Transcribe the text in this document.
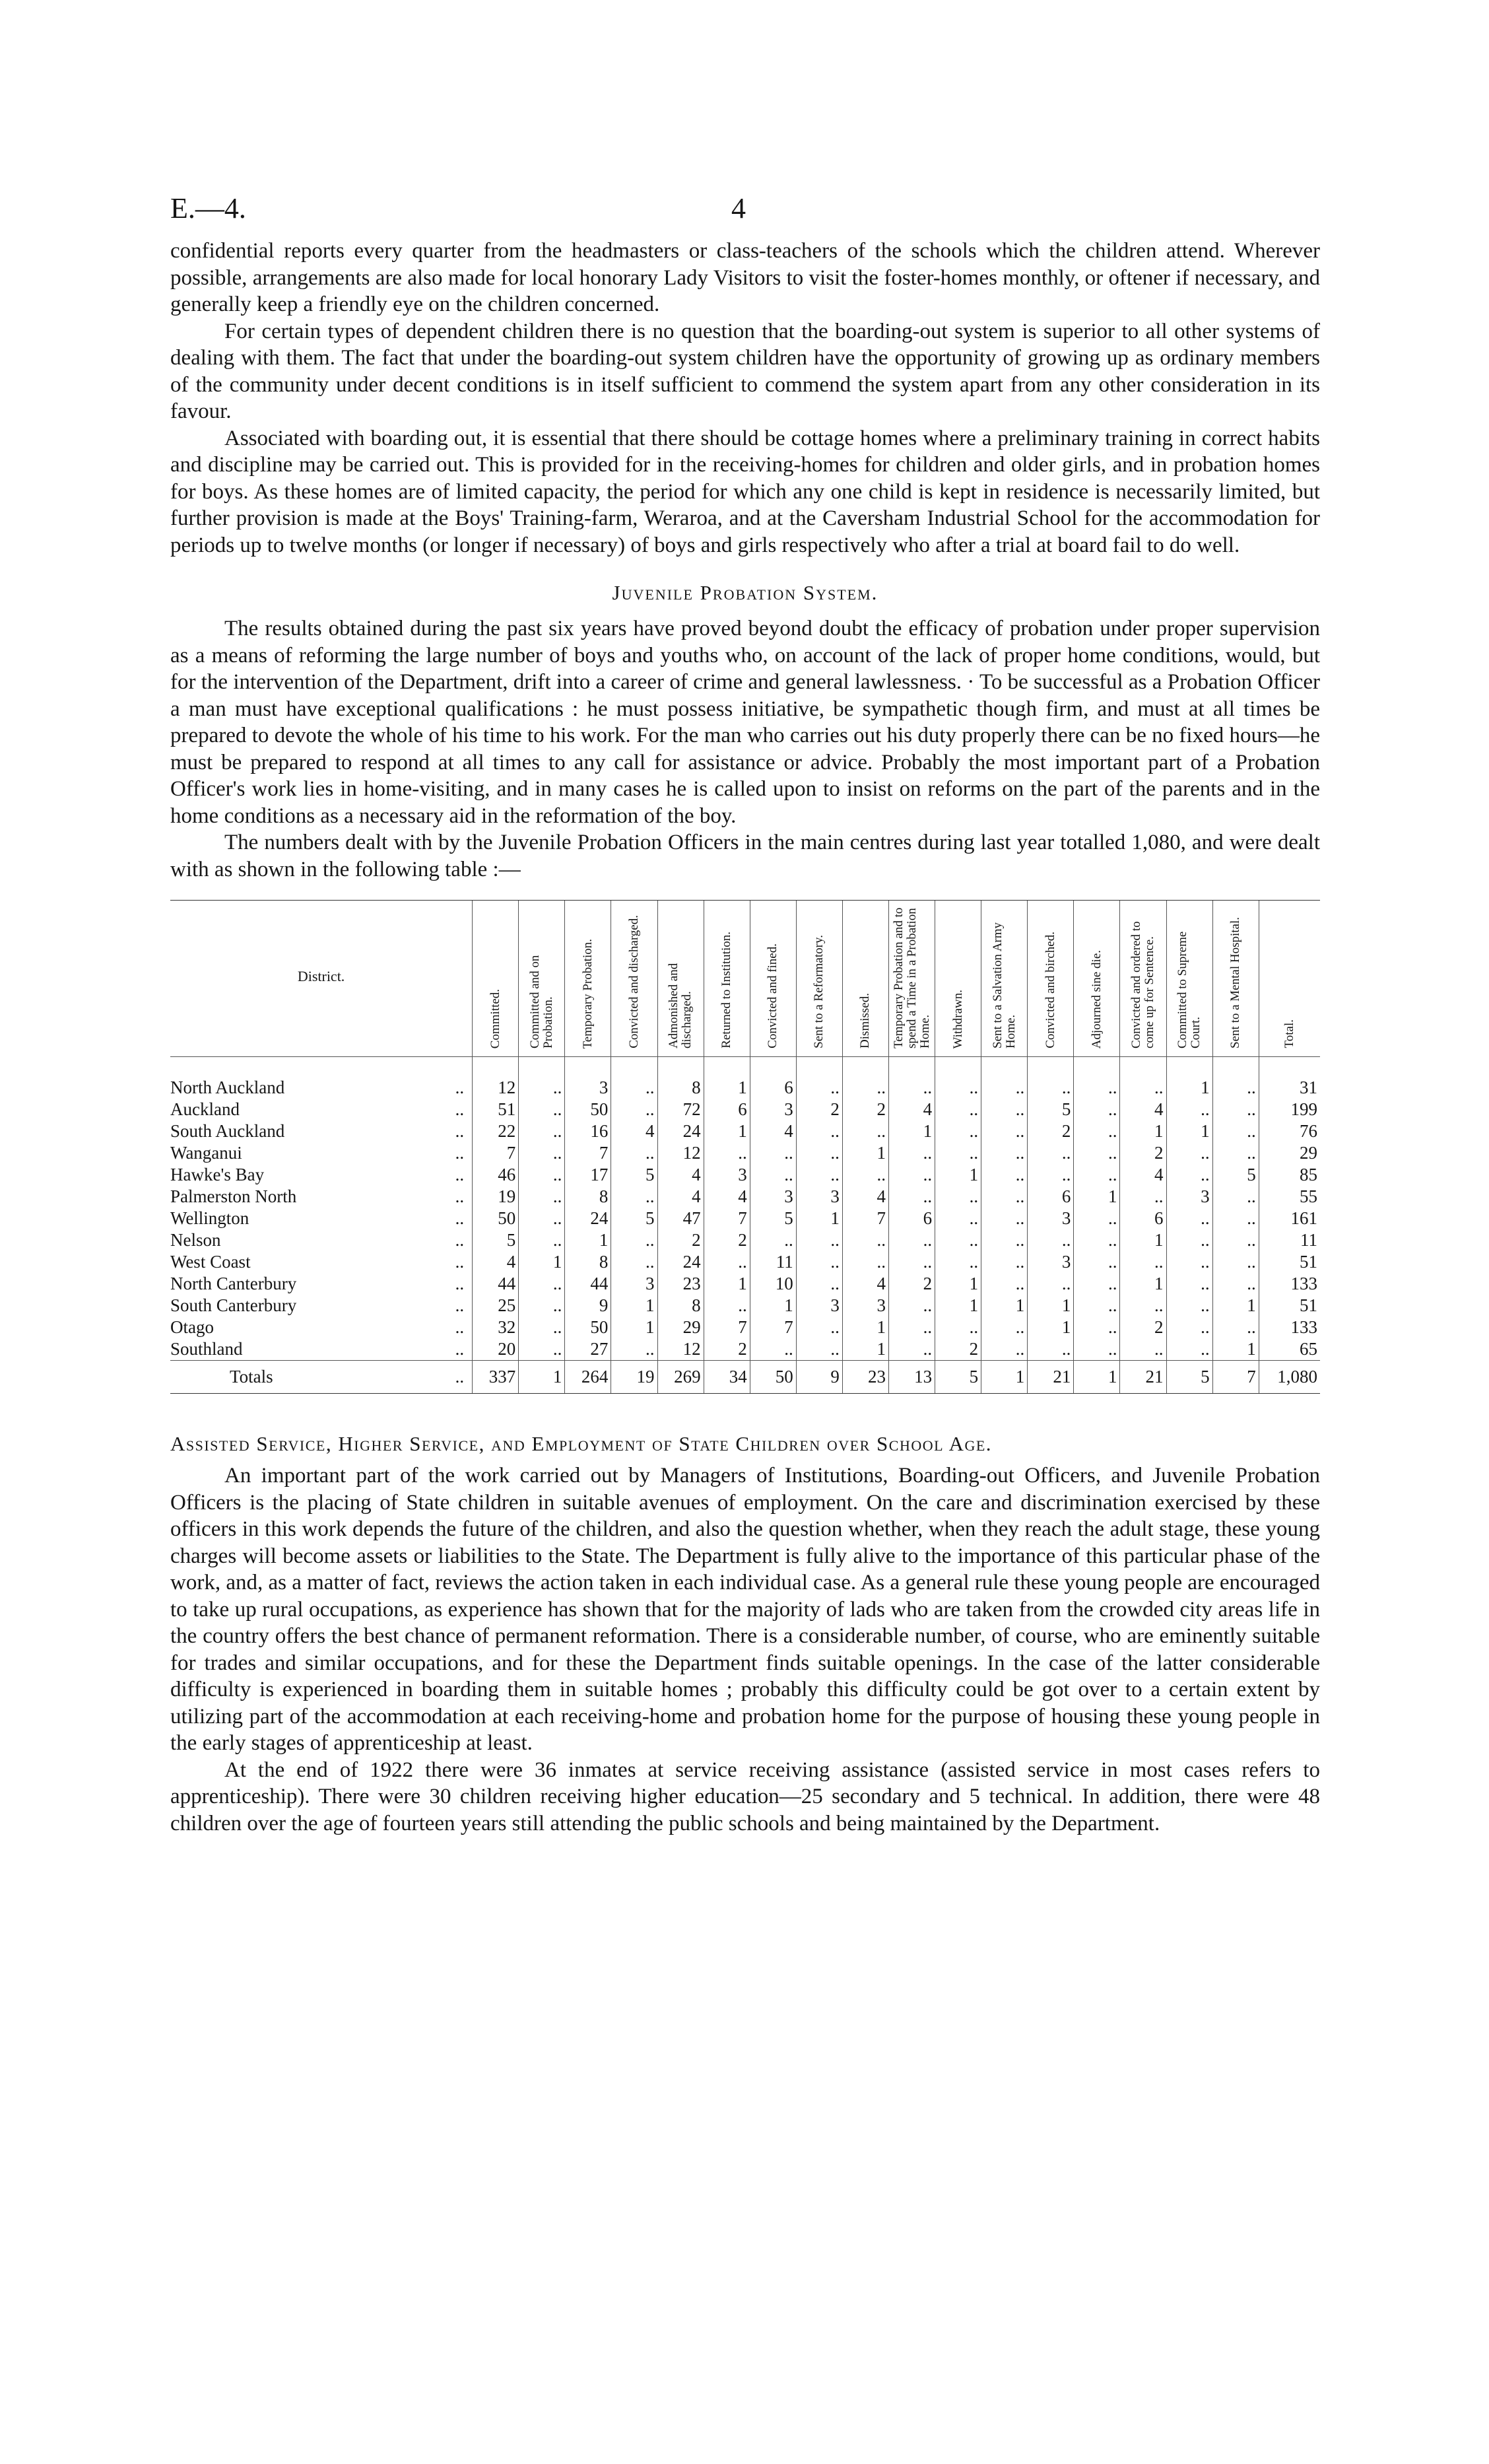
E.—4.	4

confidential reports every quarter from the headmasters or class-teachers of the schools which the children attend. Wherever possible, arrangements are also made for local honorary Lady Visitors to visit the foster-homes monthly, or oftener if necessary, and generally keep a friendly eye on the children concerned.

For certain types of dependent children there is no question that the boarding-out system is superior to all other systems of dealing with them. The fact that under the boarding-out system children have the opportunity of growing up as ordinary members of the community under decent conditions is in itself sufficient to commend the system apart from any other consideration in its favour.

Associated with boarding out, it is essential that there should be cottage homes where a preliminary training in correct habits and discipline may be carried out. This is provided for in the receiving-homes for children and older girls, and in probation homes for boys. As these homes are of limited capacity, the period for which any one child is kept in residence is necessarily limited, but further provision is made at the Boys' Training-farm, Weraroa, and at the Caversham Industrial School for the accommodation for periods up to twelve months (or longer if necessary) of boys and girls respectively who after a trial at board fail to do well.

Juvenile Probation System.

The results obtained during the past six years have proved beyond doubt the efficacy of probation under proper supervision as a means of reforming the large number of boys and youths who, on account of the lack of proper home conditions, would, but for the intervention of the Department, drift into a career of crime and general lawlessness. · To be successful as a Probation Officer a man must have exceptional qualifications : he must possess initiative, be sympathetic though firm, and must at all times be prepared to devote the whole of his time to his work. For the man who carries out his duty properly there can be no fixed hours—he must be prepared to respond at all times to any call for assistance or advice. Probably the most important part of a Probation Officer's work lies in home-visiting, and in many cases he is called upon to insist on reforms on the part of the parents and in the home conditions as a necessary aid in the reformation of the boy.

The numbers dealt with by the Juvenile Probation Officers in the main centres during last year totalled 1,080, and were dealt with as shown in the following table :—

District.	Committed.	Committed and on Probation.	Temporary Probation.	Convicted and discharged.	Admonished and discharged.	Returned to Institution.	Convicted and fined.	Sent to a Reformatory.	Dismissed.	Temporary Probation and to spend a Time in a Probation Home.	Withdrawn.	Sent to a Salvation Army Home.	Convicted and birched.	Adjourned sine die.	Convicted and ordered to come up for Sentence.	Committed to Supreme Court.	Sent to a Mental Hospital.	Total.
North Auckland ..	12	..	3	..	8	1	6	..	..	..	..	..	..	..	..	1	..	31
Auckland ..	51	..	50	..	72	6	3	2	2	4	..	..	5	..	4	..	..	199
South Auckland ..	22	..	16	4	24	1	4	..	..	1	..	..	2	..	1	1	..	76
Wanganui ..	7	..	7	..	12	..	..	..	1	..	..	..	..	..	2	..	..	29
Hawke's Bay ..	46	..	17	5	4	3	..	..	..	..	1	..	..	..	4	..	5	85
Palmerston North ..	19	..	8	..	4	4	3	3	4	..	..	..	6	1	..	3	..	55
Wellington ..	50	..	24	5	47	7	5	1	7	6	..	..	3	..	6	..	..	161
Nelson ..	5	..	1	..	2	2	..	..	..	..	..	..	..	..	1	..	..	11
West Coast ..	4	1	8	..	24	..	11	..	..	..	..	..	3	..	..	..	..	51
North Canterbury ..	44	..	44	3	23	1	10	..	4	2	1	..	..	..	1	..	..	133
South Canterbury ..	25	..	9	1	8	..	1	3	3	..	1	1	1	..	..	..	1	51
Otago ..	32	..	50	1	29	7	7	..	1	..	..	..	1	..	2	..	..	133
Southland ..	20	..	27	..	12	2	..	..	1	..	2	..	..	..	..	..	1	65
Totals ..	337	1	264	19	269	34	50	9	23	13	5	1	21	1	21	5	7	1,080
Assisted Service, Higher Service, and Employment of State Children over School Age.

An important part of the work carried out by Managers of Institutions, Boarding-out Officers, and Juvenile Probation Officers is the placing of State children in suitable avenues of employment. On the care and discrimination exercised by these officers in this work depends the future of the children, and also the question whether, when they reach the adult stage, these young charges will become assets or liabilities to the State. The Department is fully alive to the importance of this particular phase of the work, and, as a matter of fact, reviews the action taken in each individual case. As a general rule these young people are encouraged to take up rural occupations, as experience has shown that for the majority of lads who are taken from the crowded city areas life in the country offers the best chance of permanent reformation. There is a considerable number, of course, who are eminently suitable for trades and similar occupations, and for these the Department finds suitable openings. In the case of the latter considerable difficulty is experienced in boarding them in suitable homes ; probably this difficulty could be got over to a certain extent by utilizing part of the accommodation at each receiving-home and probation home for the purpose of housing these young people in the early stages of apprenticeship at least.

At the end of 1922 there were 36 inmates at service receiving assistance (assisted service in most cases refers to apprenticeship). There were 30 children receiving higher education—25 secondary and 5 technical. In addition, there were 48 children over the age of fourteen years still attending the public schools and being maintained by the Department.
